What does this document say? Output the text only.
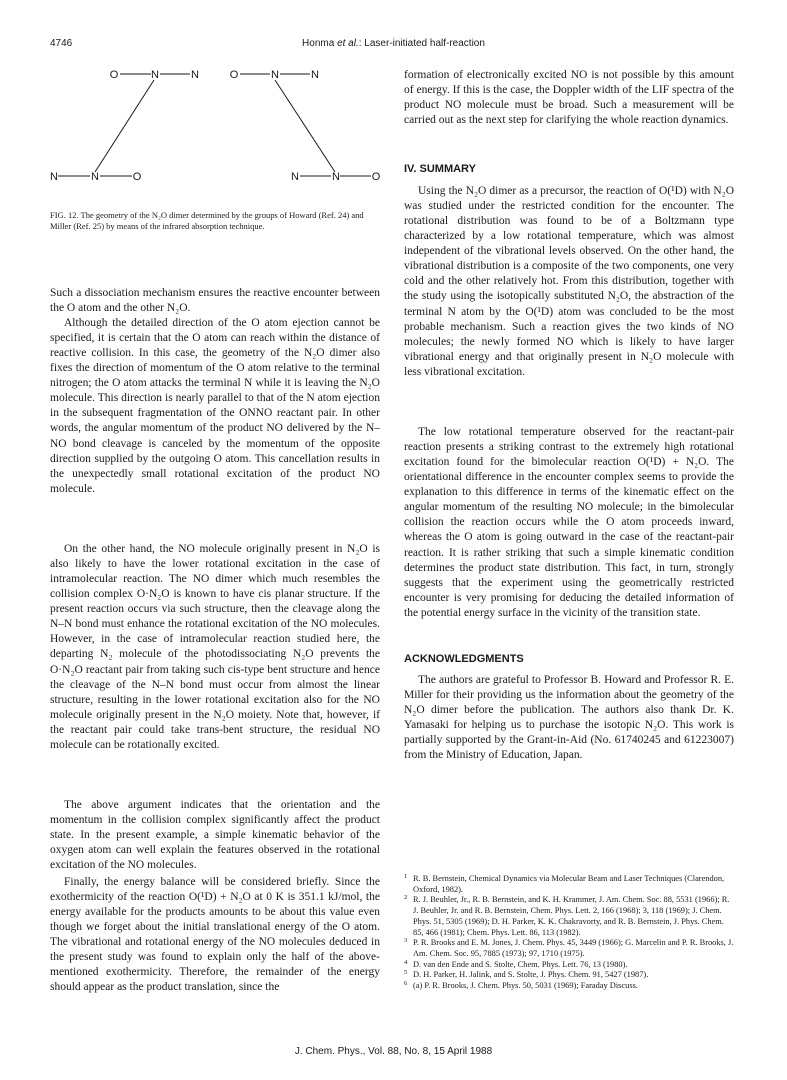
4746	Honma et al.: Laser-initiated half-reaction
O	N	N
N	N	O
O	N	N
N	N	O

FIG. 12. The geometry of the N₂O dimer determined by the groups of Howard (Ref. 24) and Miller (Ref. 25) by means of the infrared absorption technique.

Such a dissociation mechanism ensures the reactive encounter between the O atom and the other N₂O.

Although the detailed direction of the O atom ejection cannot be specified, it is certain that the O atom can reach within the distance of reactive collision. In this case, the geometry of the N₂O dimer also fixes the direction of momentum of the O atom relative to the terminal nitrogen; the O atom attacks the terminal N while it is leaving the N₂O molecule. This direction is nearly parallel to that of the N atom ejection in the subsequent fragmentation of the ONNO reactant pair. In other words, the angular momentum of the product NO delivered by the N–NO bond cleavage is canceled by the momentum of the opposite direction supplied by the outgoing O atom. This cancellation results in the unexpectedly small rotational excitation of the product NO molecule.

On the other hand, the NO molecule originally present in N₂O is also likely to have the lower rotational excitation in the case of intramolecular reaction. The NO dimer which much resembles the collision complex O·N₂O is known to have cis planar structure. If the present reaction occurs via such structure, then the cleavage along the N–N bond must enhance the rotational excitation of the NO molecules. However, in the case of intramolecular reaction studied here, the departing N₂ molecule of the photodissociating N₂O prevents the O·N₂O reactant pair from taking such cis-type bent structure and hence the cleavage of the N–N bond must occur from almost the linear structure, resulting in the lower rotational excitation also for the NO molecule originally present in the N₂O moiety. Note that, however, if the reactant pair could take trans-bent structure, the residual NO molecule can be rotationally excited.

The above argument indicates that the orientation and the momentum in the collision complex significantly affect the product state. In the present example, a simple kinematic behavior of the oxygen atom can well explain the features observed in the rotational excitation of the NO molecules.

Finally, the energy balance will be considered briefly. Since the exothermicity of the reaction O(¹D) + N₂O at 0 K is 351.1 kJ/mol, the energy available for the products amounts to be about this value even though we forget about the initial translational energy of the O atom. The vibrational and rotational energy of the NO molecules deduced in the present study was found to explain only the half of the above-mentioned exothermicity. Therefore, the remainder of the energy should appear as the product translation, since the

formation of electronically excited NO is not possible by this amount of energy. If this is the case, the Doppler width of the LIF spectra of the product NO molecule must be broad. Such a measurement will be carried out as the next step for clarifying the whole reaction dynamics.

IV. SUMMARY

Using the N₂O dimer as a precursor, the reaction of O(¹D) with N₂O was studied under the restricted condition for the encounter. The rotational distribution was found to be of a Boltzmann type characterized by a low rotational temperature, which was almost independent of the vibrational levels observed. On the other hand, the vibrational distribution is a composite of the two components, one very cold and the other relatively hot. From this distribution, together with the study using the isotopically substituted N₂O, the abstraction of the terminal N atom by the O(¹D) atom was concluded to be the most probable mechanism. Such a reaction gives the two kinds of NO molecules; the newly formed NO which is likely to have larger vibrational energy and that originally present in N₂O molecule with less vibrational excitation.

The low rotational temperature observed for the reactant-pair reaction presents a striking contrast to the extremely high rotational excitation found for the bimolecular reaction O(¹D) + N₂O. The orientational difference in the encounter complex seems to provide the explanation to this difference in terms of the kinematic effect on the angular momentum of the resulting NO molecule; in the bimolecular collision the reaction occurs while the O atom proceeds inward, whereas the O atom is going outward in the case of the reactant-pair reaction. It is rather striking that such a simple kinematic condition determines the product state distribution. This fact, in turn, strongly suggests that the experiment using the geometrically restricted encounter is very promising for deducing the detailed information of the potential energy surface in the vicinity of the transition state.

ACKNOWLEDGMENTS

The authors are grateful to Professor B. Howard and Professor R. E. Miller for their providing us the information about the geometry of the N₂O dimer before the publication. The authors also thank Dr. K. Yamasaki for helping us to purchase the isotopic N₂O. This work is partially supported by the Grant-in-Aid (No. 61740245 and 61223007) from the Ministry of Education, Japan.

1 R. B. Bernstein, Chemical Dynamics via Molecular Beam and Laser Techniques (Clarendon, Oxford, 1982).

2 R. J. Beuhler, Jr., R. B. Bernstein, and K. H. Krammer, J. Am. Chem. Soc. 88, 5531 (1966); R. J. Beuhler, Jr. and R. B. Bernstein, Chem. Phys. Lett. 2, 166 (1968); 3, 118 (1969); J. Chem. Phys. 51, 5305 (1969); D. H. Parker, K. K. Chakravorty, and R. B. Bernstein, J. Phys. Chem. 85, 466 (1981); Chem. Phys. Lett. 86, 113 (1982).

3 P. R. Brooks and E. M. Jones, J. Chem. Phys. 45, 3449 (1966); G. Marcelin and P. R. Brooks, J. Am. Chem. Soc. 95, 7885 (1973); 97, 1710 (1975).

4 D. van den Ende and S. Stolte, Chem. Phys. Lett. 76, 13 (1980).

5 D. H. Parker, H. Jalink, and S. Stolte, J. Phys. Chem. 91, 5427 (1987).

6 (a) P. R. Brooks, J. Chem. Phys. 50, 5031 (1969); Faraday Discuss.

J. Chem. Phys., Vol. 88, No. 8, 15 April 1988
